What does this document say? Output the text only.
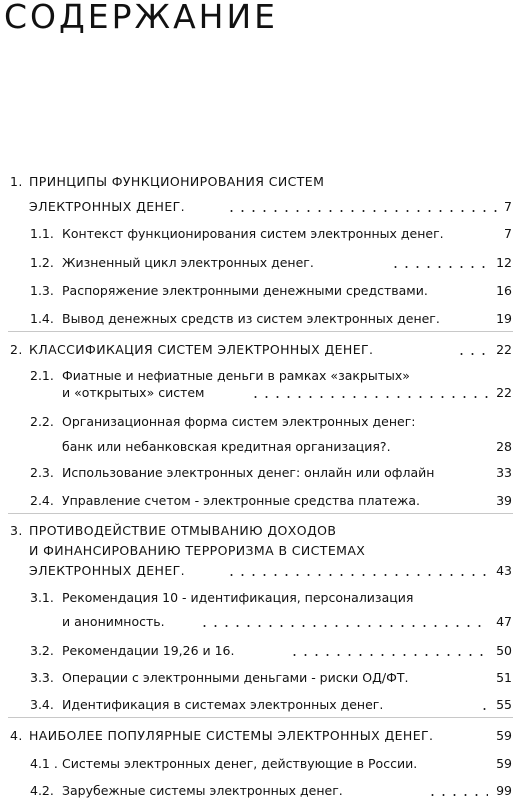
СОДЕРЖАНИЕ
1. ПРИНЦИПЫ ФУНКЦИОНИРОВАНИЯ СИСТЕМ
ЭЛЕКТРОННЫХ ДЕНЕГ.	7
1.1. Контекст функционирования систем электронных денег.	7
1.2. Жизненный цикл электронных денег.	12
1.3. Распоряжение электронными денежными средствами.	16
1.4. Вывод денежных средств из систем электронных денег.	19
2. КЛАССИФИКАЦИЯ СИСТЕМ ЭЛЕКТРОННЫХ ДЕНЕГ.	22
2.1. Фиатные и нефиатные деньги в рамках «закрытых»
и «открытых» систем	22
2.2. Организационная форма систем электронных денег:
банк или небанковская кредитная организация?.	28
2.3. Использование электронных денег: онлайн или офлайн	33
2.4. Управление счетом - электронные средства платежа.	39
3. ПРОТИВОДЕЙСТВИЕ ОТМЫВАНИЮ ДОХОДОВ
И ФИНАНСИРОВАНИЮ ТЕРРОРИЗМА В СИСТЕМАХ
ЭЛЕКТРОННЫХ ДЕНЕГ.	43
3.1. Рекомендация 10 - идентификация, персонализация
и анонимность.	47
3.2. Рекомендации 19,26 и 16.	50
3.3. Операции с электронными деньгами - риски ОД/ФТ.	51
3.4. Идентификация в системах электронных денег.	55
4. НАИБОЛЕЕ ПОПУЛЯРНЫЕ СИСТЕМЫ ЭЛЕКТРОННЫХ ДЕНЕГ.	59
4.1 . Системы электронных денег, действующие в России.	59
4.2. Зарубежные системы электронных денег.	99
